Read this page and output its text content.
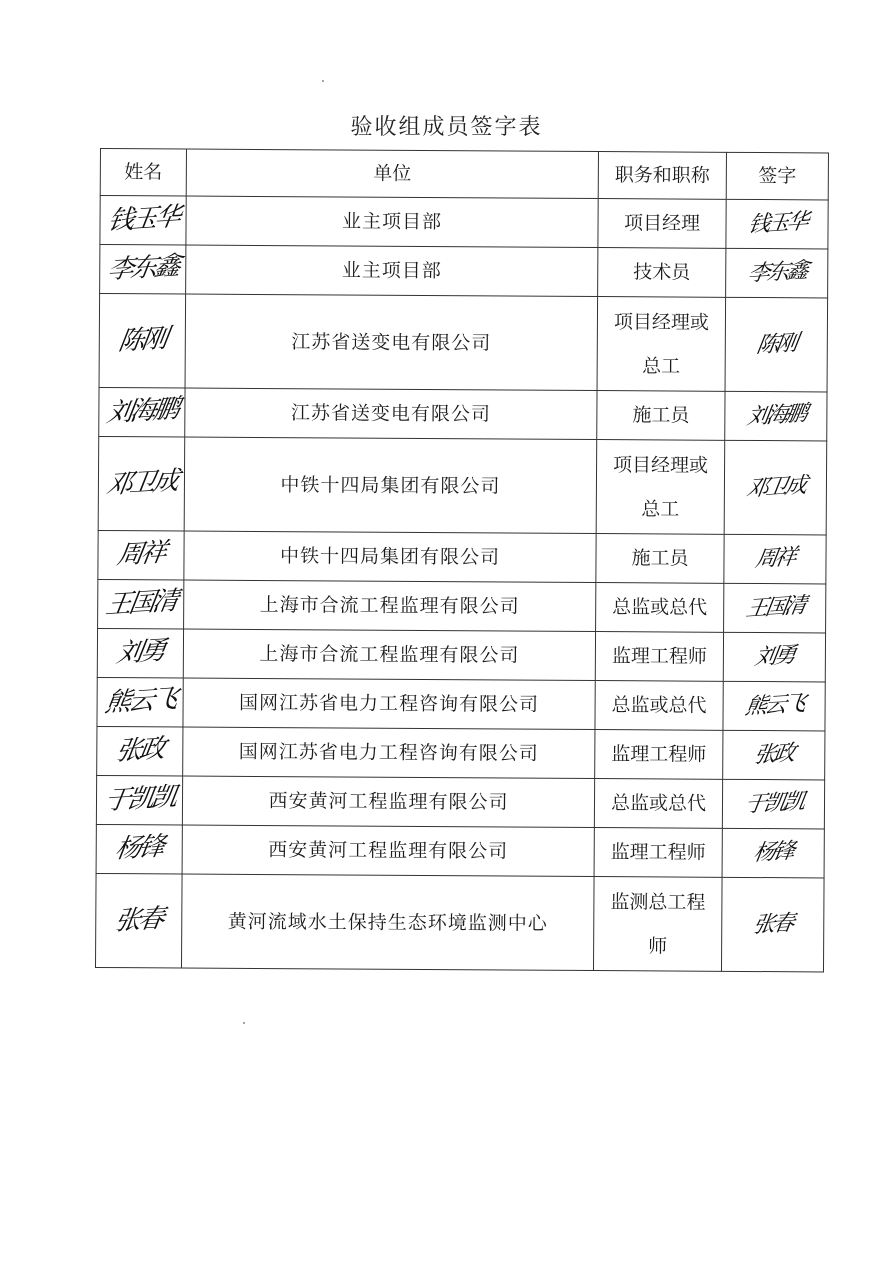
验收组成员签字表
姓名	单位	职务和职称	签字
钱玉华	业主项目部	项目经理	钱玉华
李东鑫	业主项目部	技术员	李东鑫
陈刚	江苏省送变电有限公司	项目经理或总工	陈刚
刘海鹏	江苏省送变电有限公司	施工员	刘海鹏
邓卫成	中铁十四局集团有限公司	项目经理或总工	邓卫成
周祥	中铁十四局集团有限公司	施工员	周祥
王国清	上海市合流工程监理有限公司	总监或总代	王国清
刘勇	上海市合流工程监理有限公司	监理工程师	刘勇
熊云飞	国网江苏省电力工程咨询有限公司	总监或总代	熊云飞
张政	国网江苏省电力工程咨询有限公司	监理工程师	张政
于凯凯	西安黄河工程监理有限公司	总监或总代	于凯凯
杨锋	西安黄河工程监理有限公司	监理工程师	杨锋
张春	黄河流域水土保持生态环境监测中心	监测总工程师	张春
